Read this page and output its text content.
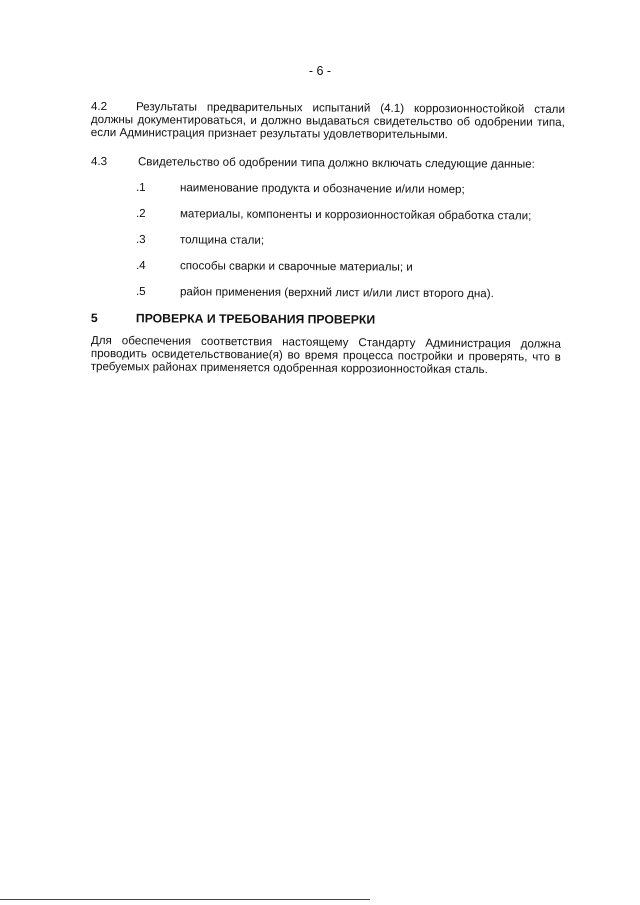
- 6 -
4.2	Результаты предварительных испытаний (4.1) коррозионностойкой стали
должны документироваться, и должно выдаваться свидетельство об одобрении типа,
если Администрация признает результаты удовлетворительными.
4.3	Свидетельство об одобрении типа должно включать следующие данные:
.1	наименование продукта и обозначение и/или номер;
.2	материалы, компоненты и коррозионностойкая обработка стали;
.3	толщина стали;
.4	способы сварки и сварочные материалы; и
.5	район применения (верхний лист и/или лист второго дна).
5	ПРОВЕРКА И ТРЕБОВАНИЯ ПРОВЕРКИ
Для обеспечения соответствия настоящему Стандарту Администрация должна
проводить освидетельствование(я) во время процесса постройки и проверять, что в
требуемых районах применяется одобренная коррозионностойкая сталь.
